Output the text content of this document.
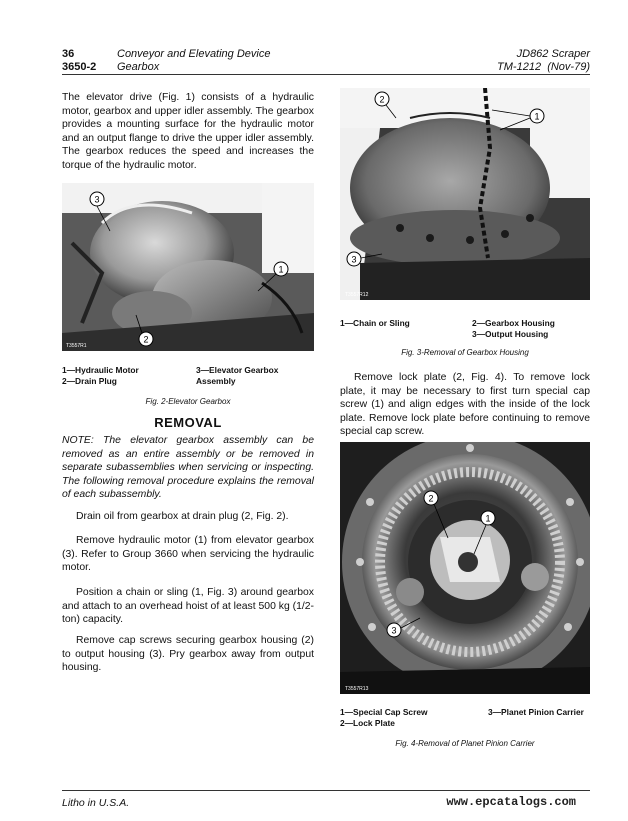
36
3650-2
Conveyor and Elevating Device
Gearbox
JD862 Scraper
TM-1212 (Nov-79)

The elevator drive (Fig. 1) consists of a hydraulic motor, gearbox and upper idler assembly. The gearbox provides a mounting surface for the hydraulic motor and an output flange to drive the upper idler assembly. The gearbox reduces the speed and increases the torque of the hydraulic motor.

3
1
2
T3557R1
1—Hydraulic Motor
2—Drain Plug
3—Elevator Gearbox Assembly
Fig. 2-Elevator Gearbox
REMOVAL

NOTE: The elevator gearbox assembly can be removed as an entire assembly or be removed in separate subassemblies when servicing or inspecting. The following removal procedure explains the removal of each subassembly.

Drain oil from gearbox at drain plug (2, Fig. 2).

Remove hydraulic motor (1) from elevator gearbox (3). Refer to Group 3660 when servicing the hydraulic motor.

Position a chain or sling (1, Fig. 3) around gearbox and attach to an overhead hoist of at least 500 kg (1/2-ton) capacity.

Remove cap screws securing gearbox housing (2) to output housing (3). Pry gearbox away from output housing.

2
1
3
T3557R12
1—Chain or Sling	2—Gearbox Housing
3—Output Housing
Fig. 3-Removal of Gearbox Housing

Remove lock plate (2, Fig. 4). To remove lock plate, it may be necessary to first turn special cap screw (1) and align edges with the inside of the lock plate. Remove lock plate before continuing to remove special cap screw.

2
1
3
T3557R13
1—Special Cap Screw
2—Lock Plate
3—Planet Pinion Carrier
Fig. 4-Removal of Planet Pinion Carrier
Litho in U.S.A.	www.epcatalogs.com
